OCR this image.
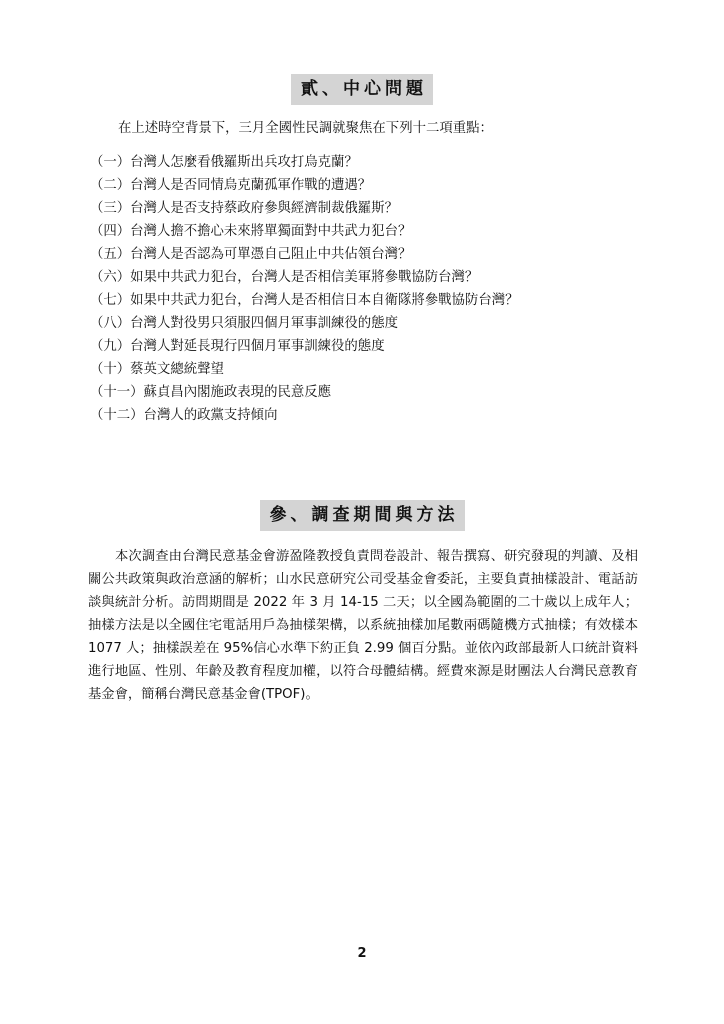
貳、中心問題
在上述時空背景下，三月全國性民調就聚焦在下列十二項重點：
（一）台灣人怎麼看俄羅斯出兵攻打烏克蘭？
（二）台灣人是否同情烏克蘭孤軍作戰的遭遇？
（三）台灣人是否支持蔡政府參與經濟制裁俄羅斯？
（四）台灣人擔不擔心未來將單獨面對中共武力犯台？
（五）台灣人是否認為可單憑自己阻止中共佔領台灣？
（六）如果中共武力犯台，台灣人是否相信美軍將參戰協防台灣？
（七）如果中共武力犯台，台灣人是否相信日本自衛隊將參戰協防台灣？
（八）台灣人對役男只須服四個月軍事訓練役的態度
（九）台灣人對延長現行四個月軍事訓練役的態度
（十）蔡英文總統聲望
（十一）蘇貞昌內閣施政表現的民意反應
（十二）台灣人的政黨支持傾向
參、調查期間與方法

本次調查由台灣民意基金會游盈隆教授負責問卷設計、報告撰寫、研究發現的判讀、及相關公共政策與政治意涵的解析；山水民意研究公司受基金會委託，主要負責抽樣設計、電話訪談與統計分析。訪問期間是 2022 年 3 月 14-15 二天；以全國為範圍的二十歲以上成年人；抽樣方法是以全國住宅電話用戶為抽樣架構，以系統抽樣加尾數兩碼隨機方式抽樣；有效樣本 1077 人；抽樣誤差在 95%信心水準下約正負 2.99 個百分點。並依內政部最新人口統計資料進行地區、性別、年齡及教育程度加權，以符合母體結構。經費來源是財團法人台灣民意教育基金會，簡稱台灣民意基金會(TPOF)。

2
